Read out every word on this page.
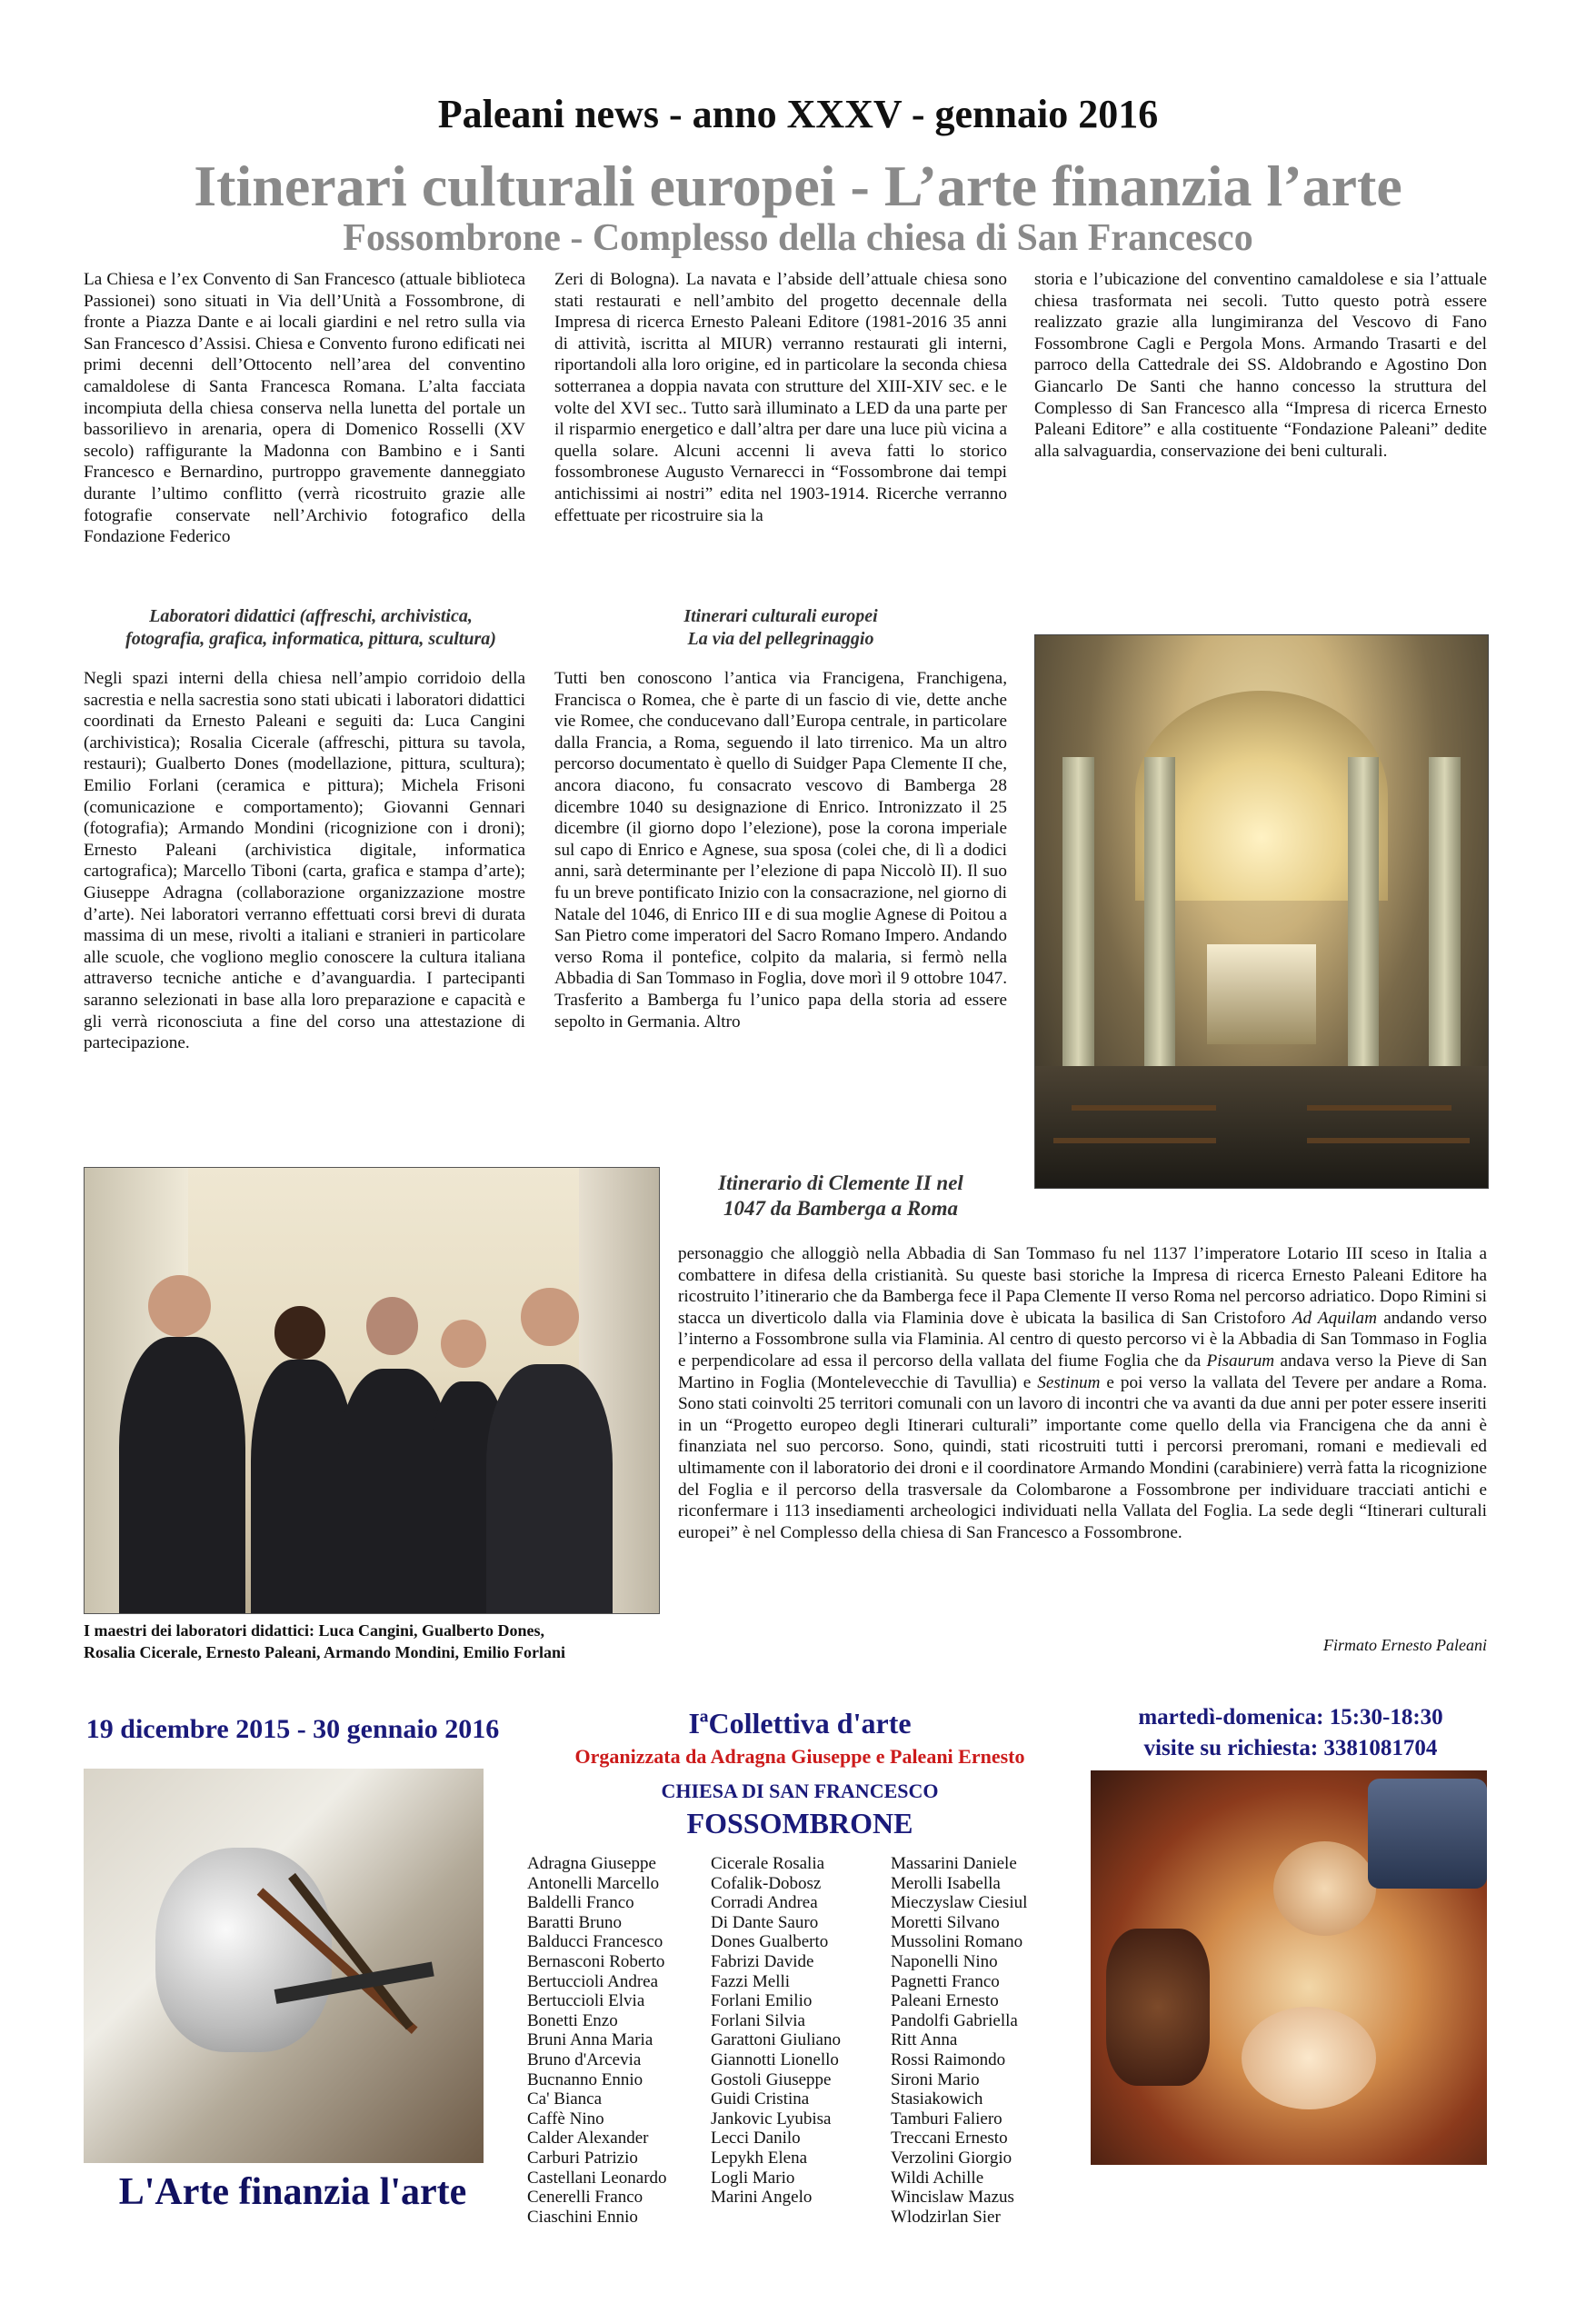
Paleani news - anno XXXV - gennaio 2016
Itinerari culturali europei - L’arte finanzia l’arte
Fossombrone - Complesso della chiesa di San Francesco

La Chiesa e l’ex Convento di San Francesco (attuale biblioteca Passionei) sono situati in Via dell’Unità a Fossombrone, di fronte a Piazza Dante e ai locali giardini e nel retro sulla via San Francesco d’Assisi. Chiesa e Convento furono edificati nei primi decenni dell’Ottocento nell’area del conventino camaldolese di Santa Francesca Romana. L’alta facciata incompiuta della chiesa conserva nella lunetta del portale un bassorilievo in arenaria, opera di Domenico Rosselli (XV secolo) raffigurante la Madonna con Bambino e i Santi Francesco e Bernardino, purtroppo gravemente danneggiato durante l’ultimo conflitto (verrà ricostruito grazie alle fotografie conservate nell’Archivio fotografico della Fondazione Federico

Zeri di Bologna). La navata e l’abside dell’attuale chiesa sono stati restaurati e nell’ambito del progetto decennale della Impresa di ricerca Ernesto Paleani Editore (1981-2016 35 anni di attività, iscritta al MIUR) verranno restaurati gli interni, riportandoli alla loro origine, ed in particolare la seconda chiesa sotterranea a doppia navata con strutture del XIII-XIV sec. e le volte del XVI sec.. Tutto sarà illuminato a LED da una parte per il risparmio energetico e dall’altra per dare una luce più vicina a quella solare. Alcuni accenni li aveva fatti lo storico fossombronese Augusto Vernarecci in “Fossombrone dai tempi antichissimi ai nostri” edita nel 1903-1914. Ricerche verranno effettuate per ricostruire sia la

storia e l’ubicazione del conventino camaldolese e sia l’attuale chiesa trasformata nei secoli. Tutto questo potrà essere realizzato grazie alla lungimiranza del Vescovo di Fano Fossombrone Cagli e Pergola Mons. Armando Trasarti e del parroco della Cattedrale dei SS. Aldobrando e Agostino Don Giancarlo De Santi che hanno concesso la struttura del Complesso di San Francesco alla “Impresa di ricerca Ernesto Paleani Editore” e alla costituente “Fondazione Paleani” dedite alla salvaguardia, conservazione dei beni culturali.

Laboratori didattici (affreschi, archivistica,
fotografia, grafica, informatica, pittura, scultura)

Negli spazi interni della chiesa nell’ampio corridoio della sacrestia e nella sacrestia sono stati ubicati i laboratori didattici coordinati da Ernesto Paleani e seguiti da: Luca Cangini (archivistica); Rosalia Cicerale (affreschi, pittura su tavola, restauri); Gualberto Dones (modellazione, pittura, scultura); Emilio Forlani (ceramica e pittura); Michela Frisoni (comunicazione e comportamento); Giovanni Gennari (fotografia); Armando Mondini (ricognizione con i droni); Ernesto Paleani (archivistica digitale, informatica cartografica); Marcello Tiboni (carta, grafica e stampa d’arte); Giuseppe Adragna (collaborazione organizzazione mostre d’arte). Nei laboratori verranno effettuati corsi brevi di durata massima di un mese, rivolti a italiani e stranieri in particolare alle scuole, che vogliono meglio conoscere la cultura italiana attraverso tecniche antiche e d’avanguardia. I partecipanti saranno selezionati in base alla loro preparazione e capacità e gli verrà riconosciuta a fine del corso una attestazione di partecipazione.

Itinerari culturali europei
La via del pellegrinaggio

Tutti ben conoscono l’antica via Francigena, Franchigena, Francisca o Romea, che è parte di un fascio di vie, dette anche vie Romee, che conducevano dall’Europa centrale, in particolare dalla Francia, a Roma, seguendo il lato tirrenico. Ma un altro percorso documentato è quello di Suidger Papa Clemente II che, ancora diacono, fu consacrato vescovo di Bamberga 28 dicembre 1040 su designazione di Enrico. Intronizzato il 25 dicembre (il giorno dopo l’elezione), pose la corona imperiale sul capo di Enrico e Agnese, sua sposa (colei che, di lì a dodici anni, sarà determinante per l’elezione di papa Niccolò II). Il suo fu un breve pontificato Inizio con la consacrazione, nel giorno di Natale del 1046, di Enrico III e di sua moglie Agnese di Poitou a San Pietro come imperatori del Sacro Romano Impero. Andando verso Roma il pontefice, colpito da malaria, si fermò nella Abbadia di San Tommaso in Foglia, dove morì il 9 ottobre 1047. Trasferito a Bamberga fu l’unico papa della storia ad essere sepolto in Germania. Altro

Itinerario di Clemente II nel
1047 da Bamberga a Roma

personaggio che alloggiò nella Abbadia di San Tommaso fu nel 1137 l’imperatore Lotario III sceso in Italia a combattere in difesa della cristianità. Su queste basi storiche la Impresa di ricerca Ernesto Paleani Editore ha ricostruito l’itinerario che da Bamberga fece il Papa Clemente II verso Roma nel percorso adriatico. Dopo Rimini si stacca un diverticolo dalla via Flaminia dove è ubicata la basilica di San Cristoforo Ad Aquilam andando verso l’interno a Fossombrone sulla via Flaminia. Al centro di questo percorso vi è la Abbadia di San Tommaso in Foglia e perpendicolare ad essa il percorso della vallata del fiume Foglia che da Pisaurum andava verso la Pieve di San Martino in Foglia (Montelevecchie di Tavullia) e Sestinum e poi verso la vallata del Tevere per andare a Roma. Sono stati coinvolti 25 territori comunali con un lavoro di incontri che va avanti da due anni per poter essere inseriti in un “Progetto europeo degli Itinerari culturali” importante come quello della via Francigena che da anni è finanziata nel suo percorso. Sono, quindi, stati ricostruiti tutti i percorsi preromani, romani e medievali ed ultimamente con il laboratorio dei droni e il coordinatore Armando Mondini (carabiniere) verrà fatta la ricognizione del Foglia e il percorso della trasversale da Colombarone a Fossombrone per individuare tracciati antichi e riconfermare i 113 insediamenti archeologici individuati nella Vallata del Foglia. La sede degli “Itinerari culturali europei” è nel Complesso della chiesa di San Francesco a Fossombrone.

I maestri dei laboratori didattici: Luca Cangini, Gualberto Dones,
Rosalia Cicerale, Ernesto Paleani, Armando Mondini, Emilio Forlani	Firmato Ernesto Paleani
19 dicembre 2015 - 30 gennaio 2016	IªCollettiva d'arte
Organizzata da Adragna Giuseppe e Paleani Ernesto
CHIESA DI SAN FRANCESCO
FOSSOMBRONE
martedì-domenica: 15:30-18:30
visite su richiesta: 3381081704
L'Arte finanzia l'arte
Adragna Giuseppe
Antonelli Marcello
Baldelli Franco
Baratti Bruno
Balducci Francesco
Bernasconi Roberto
Bertuccioli Andrea
Bertuccioli Elvia
Bonetti Enzo
Bruni Anna Maria
Bruno d'Arcevia
Bucnanno Ennio
Ca' Bianca
Caffè Nino
Calder Alexander
Carburi Patrizio
Castellani Leonardo
Cenerelli Franco
Ciaschini Ennio
Cicerale Rosalia
Cofalik-Dobosz
Corradi Andrea
Di Dante Sauro
Dones Gualberto
Fabrizi Davide
Fazzi Melli
Forlani Emilio
Forlani Silvia
Garattoni Giuliano
Giannotti Lionello
Gostoli Giuseppe
Guidi Cristina
Jankovic Lyubisa
Lecci Danilo
Lepykh Elena
Logli Mario
Marini Angelo
Massarini Daniele
Merolli Isabella
Mieczyslaw Ciesiul
Moretti Silvano
Mussolini Romano
Naponelli Nino
Pagnetti Franco
Paleani Ernesto
Pandolfi Gabriella
Ritt Anna
Rossi Raimondo
Sironi Mario
Stasiakowich
Tamburi Faliero
Treccani Ernesto
Verzolini Giorgio
Wildi Achille
Wincislaw Mazus
Wlodzirlan Sier
